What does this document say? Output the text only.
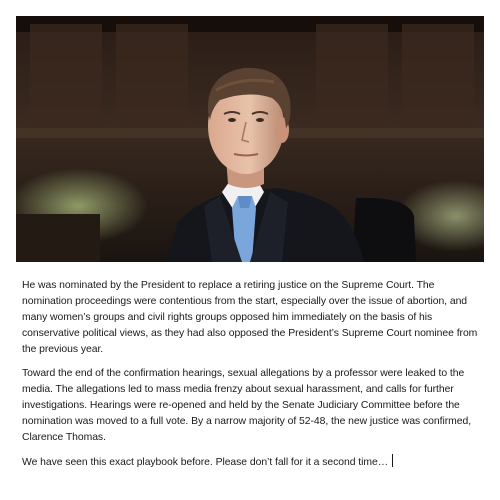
He was nominated by the President to replace a retiring justice on the Supreme Court. The nomination proceedings were contentious from the start, especially over the issue of abortion, and many women’s groups and civil rights groups opposed him immediately on the basis of his conservative political views, as they had also opposed the President’s Supreme Court nominee from the previous year.

Toward the end of the confirmation hearings, sexual allegations by a professor were leaked to the media. The allegations led to mass media frenzy about sexual harassment, and calls for further investigations. Hearings were re-opened and held by the Senate Judiciary Committee before the nomination was moved to a full vote. By a narrow majority of 52-48, the new justice was confirmed, Clarence Thomas.

We have seen this exact playbook before. Please don’t fall for it a second time…
